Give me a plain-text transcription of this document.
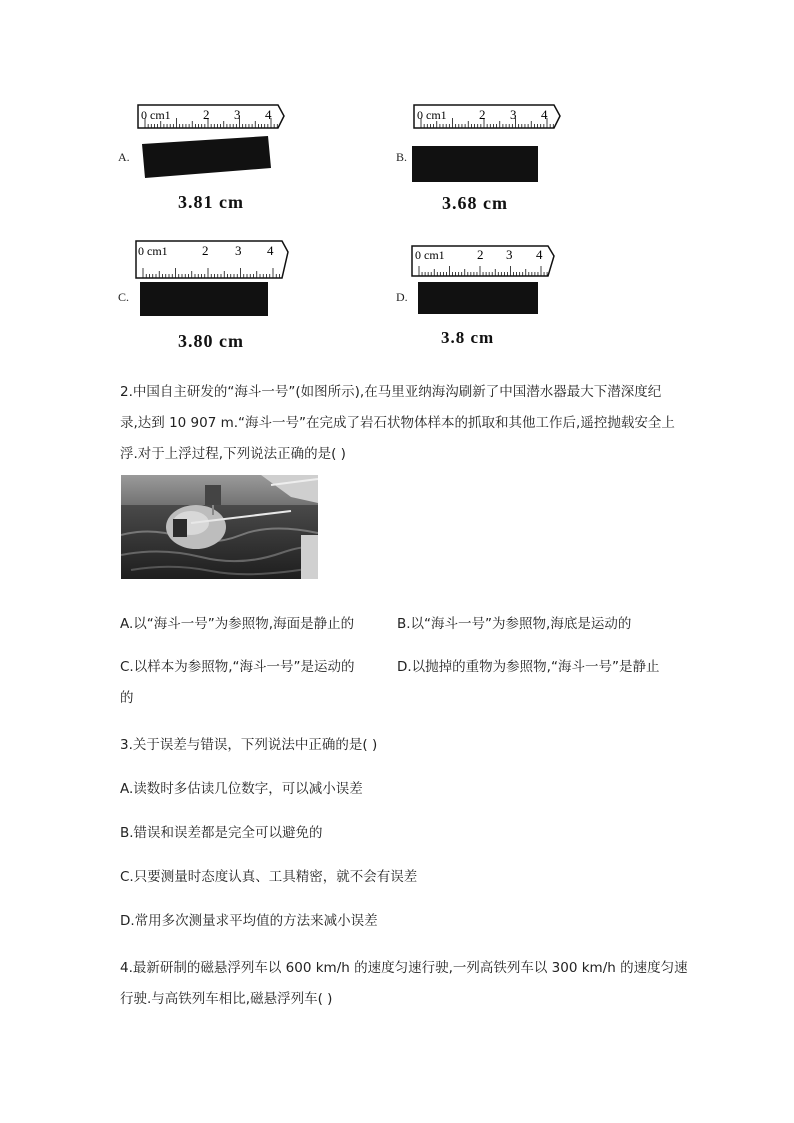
A.
0 cm1 2 3 4
3.81 cm
B.
0 cm1 2 3 4
3.68 cm
C.
0 cm1	2 3 4
3.80 cm
D.
0 cm1 2 3 4
3.8 cm
2.中国自主研发的“海斗一号”(如图所示),在马里亚纳海沟刷新了中国潜水器最大下潜深度纪
录,达到 10 907 m.“海斗一号”在完成了岩石状物体样本的抓取和其他工作后,遥控抛载安全上
浮.对于上浮过程,下列说法正确的是( )
A.以“海斗一号”为参照物,海面是静止的	B.以“海斗一号”为参照物,海底是运动的
C.以样本为参照物,“海斗一号”是运动的	D.以抛掉的重物为参照物,“海斗一号”是静止
的
3.关于误差与错误，下列说法中正确的是( )
A.读数时多估读几位数字，可以减小误差
B.错误和误差都是完全可以避免的
C.只要测量时态度认真、工具精密，就不会有误差
D.常用多次测量求平均值的方法来减小误差
4.最新研制的磁悬浮列车以 600 km/h 的速度匀速行驶,一列高铁列车以 300 km/h 的速度匀速
行驶.与高铁列车相比,磁悬浮列车( )
